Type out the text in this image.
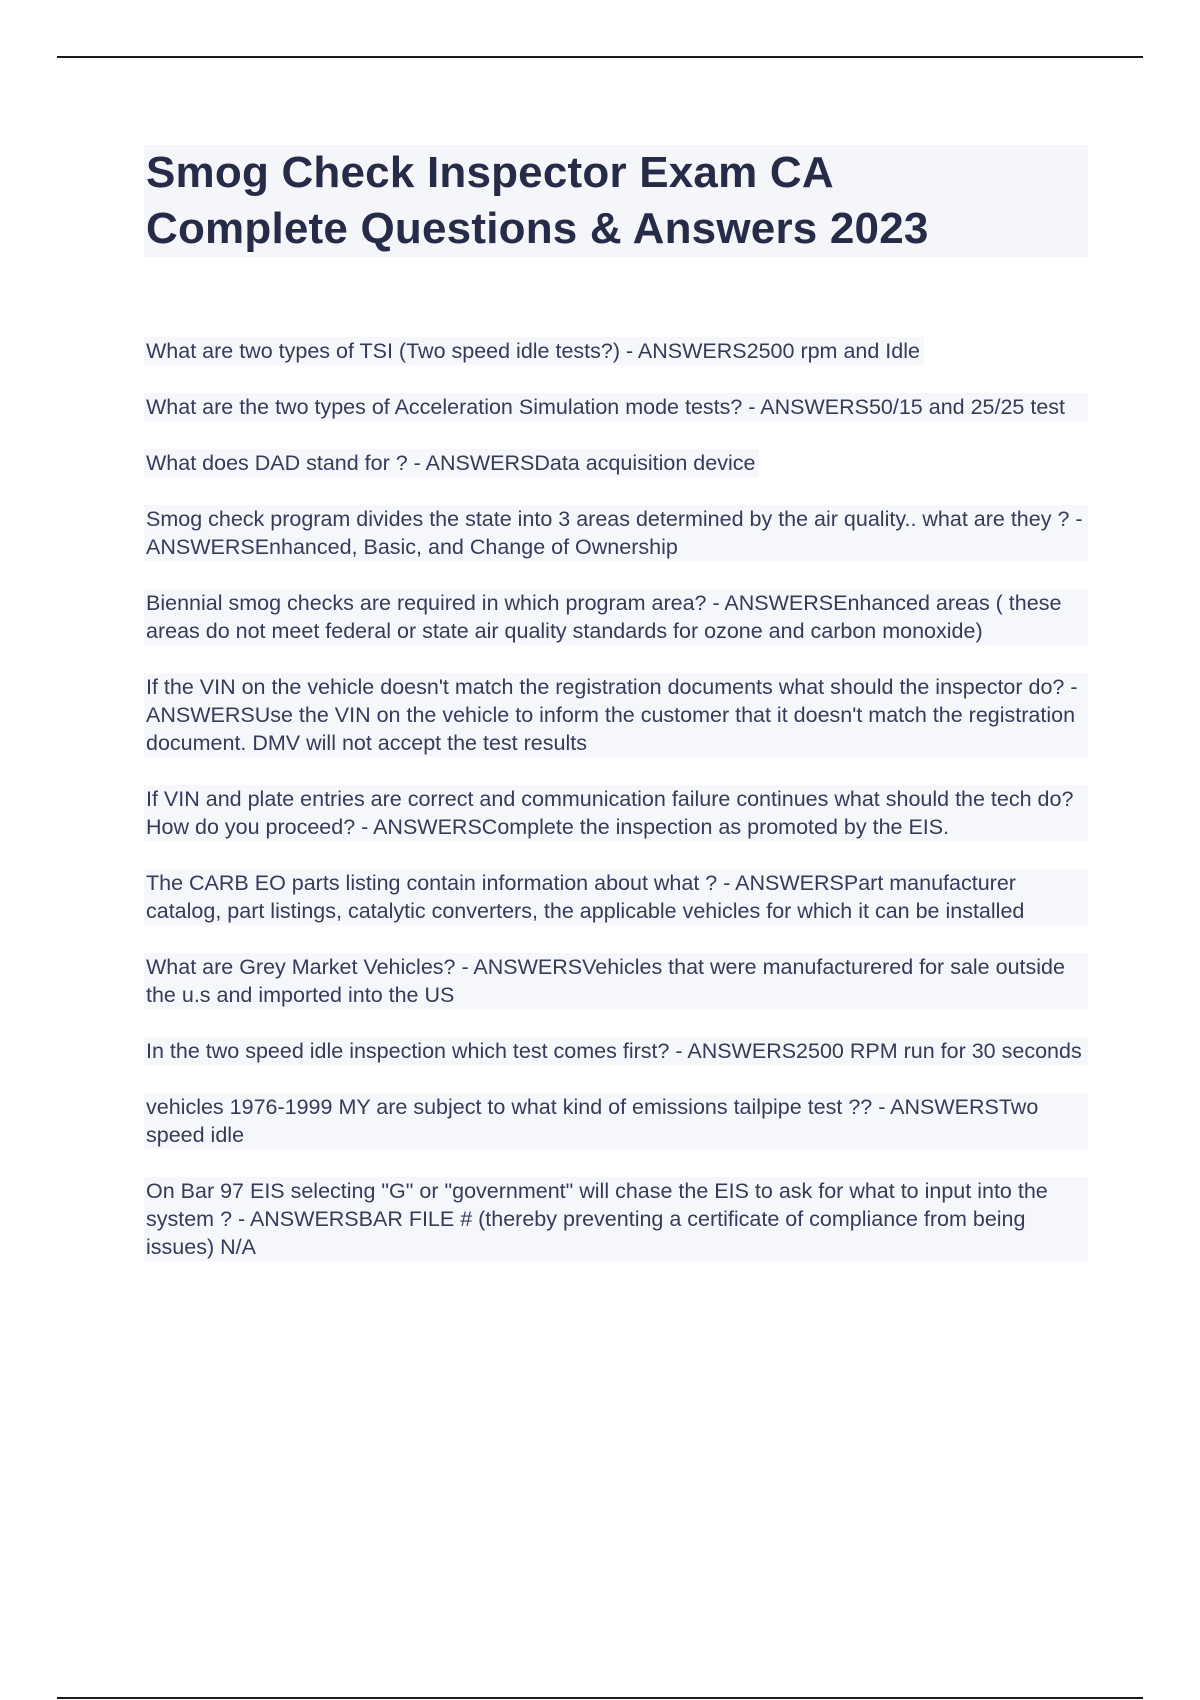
Smog Check Inspector Exam CA
Complete Questions & Answers 2023
What are two types of TSI (Two speed idle tests?) - ANSWERS2500 rpm and Idle
What are the two types of Acceleration Simulation mode tests? - ANSWERS50/15 and 25/25 test
What does DAD stand for ? - ANSWERSData acquisition device
Smog check program divides the state into 3 areas determined by the air quality.. what are they ? - ANSWERSEnhanced, Basic, and Change of Ownership
Biennial smog checks are required in which program area? - ANSWERSEnhanced areas ( these areas do not meet federal or state air quality standards for ozone and carbon monoxide)
If the VIN on the vehicle doesn't match the registration documents what should the inspector do? - ANSWERSUse the VIN on the vehicle to inform the customer that it doesn't match the registration document. DMV will not accept the test results
If VIN and plate entries are correct and communication failure continues what should the tech do? How do you proceed? - ANSWERSComplete the inspection as promoted by the EIS.
The CARB EO parts listing contain information about what ? - ANSWERSPart manufacturer catalog, part listings, catalytic converters, the applicable vehicles for which it can be installed
What are Grey Market Vehicles? - ANSWERSVehicles that were manufacturered for sale outside the u.s and imported into the US
In the two speed idle inspection which test comes first? - ANSWERS2500 RPM run for 30 seconds
vehicles 1976-1999 MY are subject to what kind of emissions tailpipe test ?? - ANSWERSTwo speed idle
On Bar 97 EIS selecting "G" or "government" will chase the EIS to ask for what to input into the system ? - ANSWERSBAR FILE # (thereby preventing a certificate of compliance from being issues) N/A
